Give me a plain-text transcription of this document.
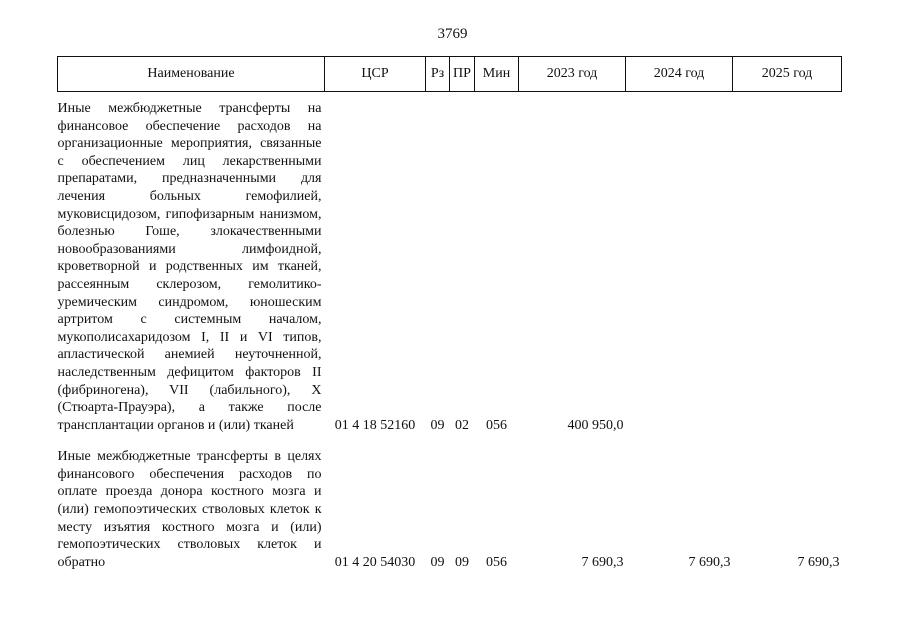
3769
Наименование	ЦСР	Рз	ПР	Мин	2023 год	2024 год	2025 год
Иные межбюджетные трансферты на финансовое обеспечение расходов на организационные мероприятия, связанные с обеспечением лиц лекарственными препаратами, предназначенными для лечения больных гемофилией, муковисцидозом, гипофизарным нанизмом, болезнью Гоше, злокачественными новообразованиями лимфоидной, кроветворной и родственных им тканей, рассеянным склерозом, гемолитико-уремическим синдромом, юношеским артритом с системным началом, мукополисахаридозом I, II и VI типов, апластической анемией неуточненной, наследственным дефицитом факторов II (фибриногена), VII (лабильного), X (Стюарта-Прауэра), а также после трансплантации органов и (или) тканей	01 4 18 52160	09	02	056	400 950,0		
Иные межбюджетные трансферты в целях финансового обеспечения расходов по оплате проезда донора костного мозга и (или) гемопоэтических стволовых клеток к месту изъятия костного мозга и (или) гемопоэтических стволовых клеток и обратно	01 4 20 54030	09	09	056	7 690,3	7 690,3	7 690,3
